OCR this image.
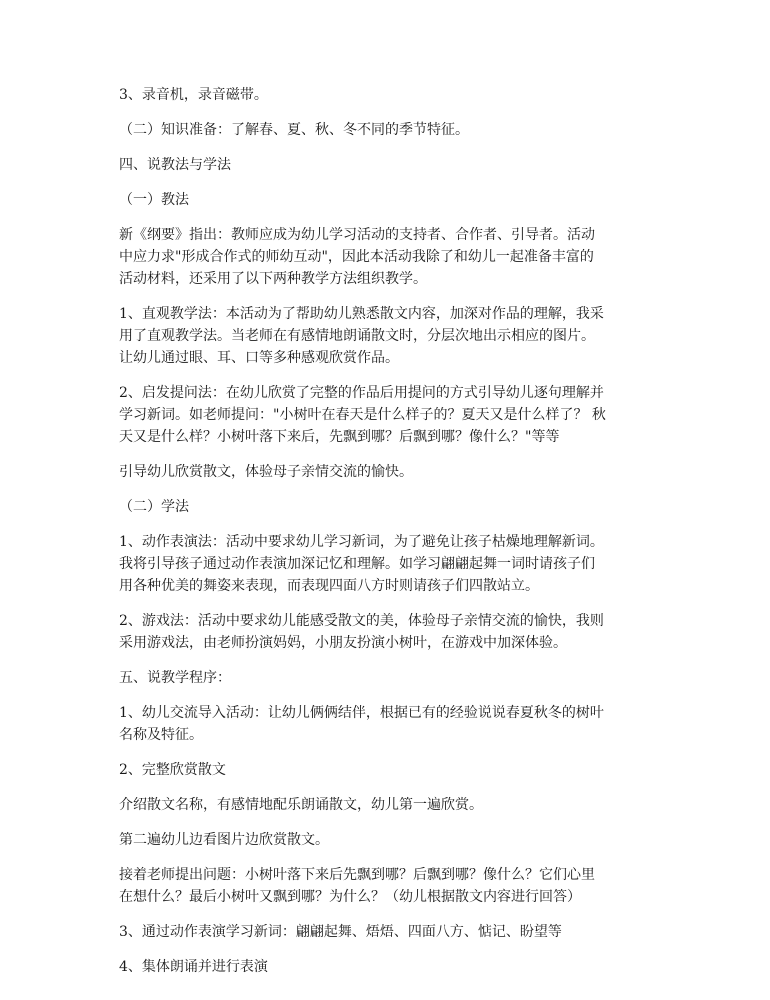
3、录音机，录音磁带。

（二）知识准备：了解春、夏、秋、冬不同的季节特征。

四、说教法与学法

（一）教法

新《纲要》指出：教师应成为幼儿学习活动的支持者、合作者、引导者。活动
中应力求"形成合作式的师幼互动"，因此本活动我除了和幼儿一起准备丰富的
活动材料，还采用了以下两种教学方法组织教学。

1、直观教学法：本活动为了帮助幼儿熟悉散文内容，加深对作品的理解，我采
用了直观教学法。当老师在有感情地朗诵散文时，分层次地出示相应的图片。
让幼儿通过眼、耳、口等多种感观欣赏作品。

2、启发提问法：在幼儿欣赏了完整的作品后用提问的方式引导幼儿逐句理解并
学习新词。如老师提问："小树叶在春天是什么样子的？夏天又是什么样了？ 秋
天又是什么样？小树叶落下来后，先飘到哪？后飘到哪？像什么？"等等

引导幼儿欣赏散文，体验母子亲情交流的愉快。

（二）学法

1、动作表演法：活动中要求幼儿学习新词，为了避免让孩子枯燥地理解新词。
我将引导孩子通过动作表演加深记忆和理解。如学习翩翩起舞一词时请孩子们
用各种优美的舞姿来表现，而表现四面八方时则请孩子们四散站立。

2、游戏法：活动中要求幼儿能感受散文的美，体验母子亲情交流的愉快，我则
采用游戏法，由老师扮演妈妈，小朋友扮演小树叶，在游戏中加深体验。

五、说教学程序：

1、幼儿交流导入活动：让幼儿俩俩结伴，根据已有的经验说说春夏秋冬的树叶
名称及特征。

2、完整欣赏散文

介绍散文名称，有感情地配乐朗诵散文，幼儿第一遍欣赏。

第二遍幼儿边看图片边欣赏散文。

接着老师提出问题：小树叶落下来后先飘到哪？后飘到哪？像什么？它们心里
在想什么？最后小树叶又飘到哪？为什么？（幼儿根据散文内容进行回答）

3、通过动作表演学习新词：翩翩起舞、焐焐、四面八方、惦记、盼望等

4、集体朗诵并进行表演
